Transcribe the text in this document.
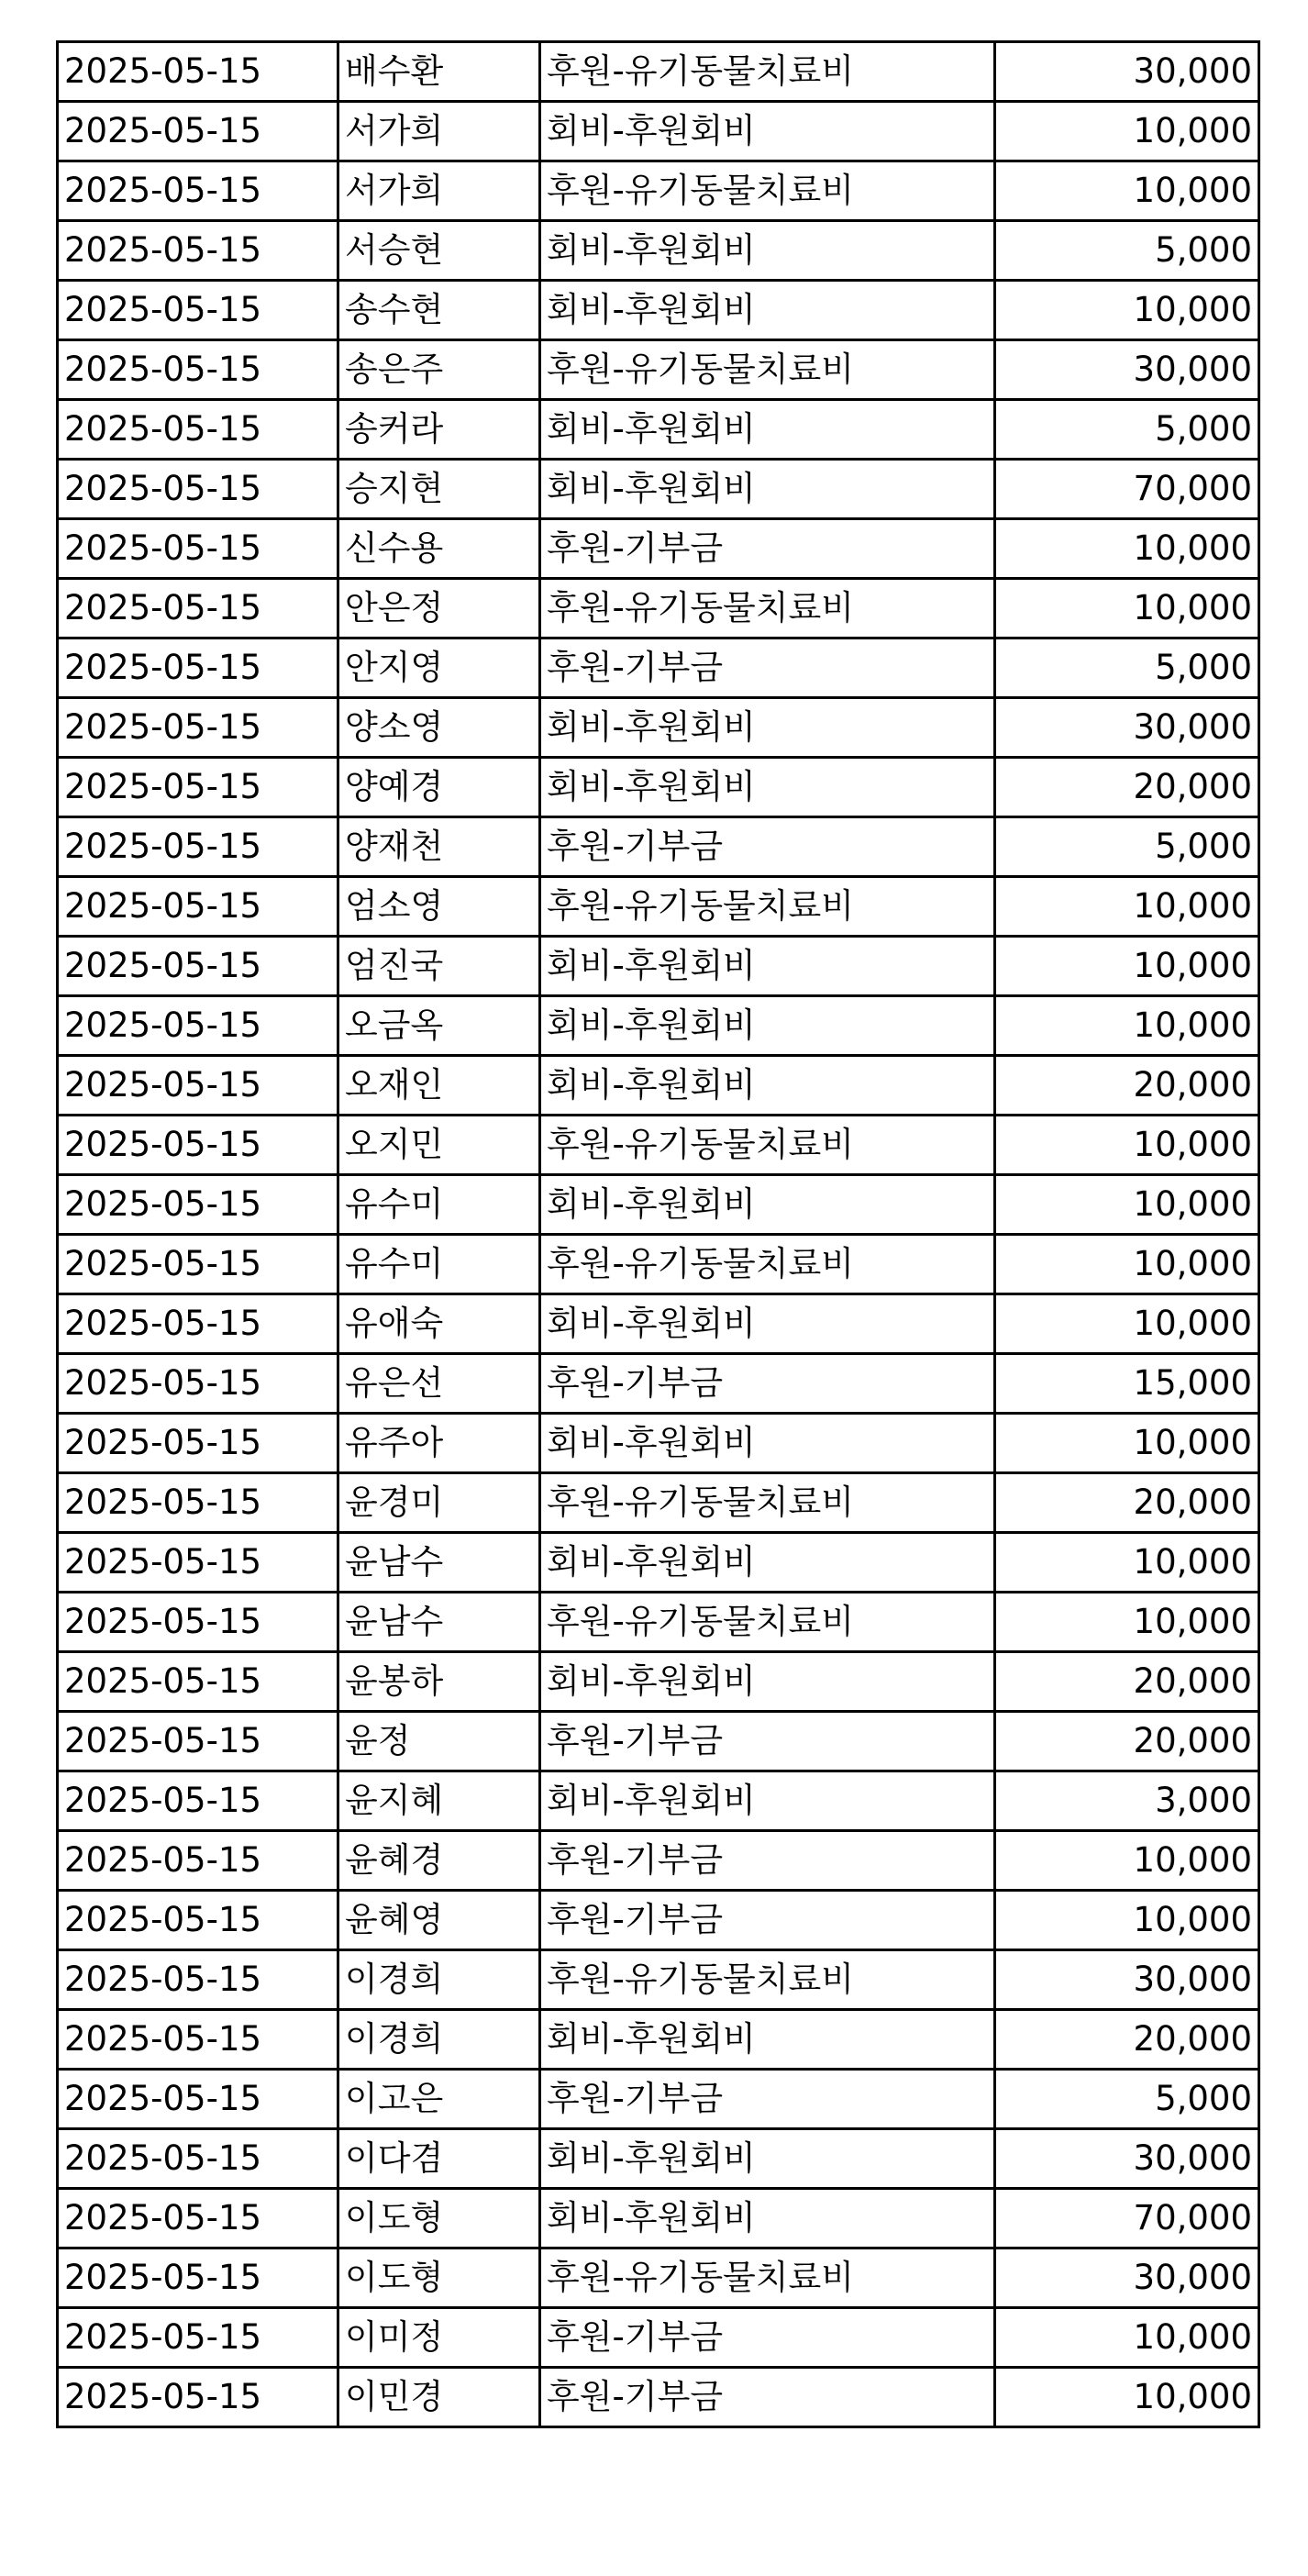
2025-05-15	배수환	후원-유기동물치료비	30,000
2025-05-15	서가희	회비-후원회비	10,000
2025-05-15	서가희	후원-유기동물치료비	10,000
2025-05-15	서승현	회비-후원회비	5,000
2025-05-15	송수현	회비-후원회비	10,000
2025-05-15	송은주	후원-유기동물치료비	30,000
2025-05-15	송커라	회비-후원회비	5,000
2025-05-15	승지현	회비-후원회비	70,000
2025-05-15	신수용	후원-기부금	10,000
2025-05-15	안은정	후원-유기동물치료비	10,000
2025-05-15	안지영	후원-기부금	5,000
2025-05-15	양소영	회비-후원회비	30,000
2025-05-15	양예경	회비-후원회비	20,000
2025-05-15	양재천	후원-기부금	5,000
2025-05-15	엄소영	후원-유기동물치료비	10,000
2025-05-15	엄진국	회비-후원회비	10,000
2025-05-15	오금옥	회비-후원회비	10,000
2025-05-15	오재인	회비-후원회비	20,000
2025-05-15	오지민	후원-유기동물치료비	10,000
2025-05-15	유수미	회비-후원회비	10,000
2025-05-15	유수미	후원-유기동물치료비	10,000
2025-05-15	유애숙	회비-후원회비	10,000
2025-05-15	유은선	후원-기부금	15,000
2025-05-15	유주아	회비-후원회비	10,000
2025-05-15	윤경미	후원-유기동물치료비	20,000
2025-05-15	윤남수	회비-후원회비	10,000
2025-05-15	윤남수	후원-유기동물치료비	10,000
2025-05-15	윤봉하	회비-후원회비	20,000
2025-05-15	윤정	후원-기부금	20,000
2025-05-15	윤지혜	회비-후원회비	3,000
2025-05-15	윤혜경	후원-기부금	10,000
2025-05-15	윤혜영	후원-기부금	10,000
2025-05-15	이경희	후원-유기동물치료비	30,000
2025-05-15	이경희	회비-후원회비	20,000
2025-05-15	이고은	후원-기부금	5,000
2025-05-15	이다겸	회비-후원회비	30,000
2025-05-15	이도형	회비-후원회비	70,000
2025-05-15	이도형	후원-유기동물치료비	30,000
2025-05-15	이미정	후원-기부금	10,000
2025-05-15	이민경	후원-기부금	10,000
